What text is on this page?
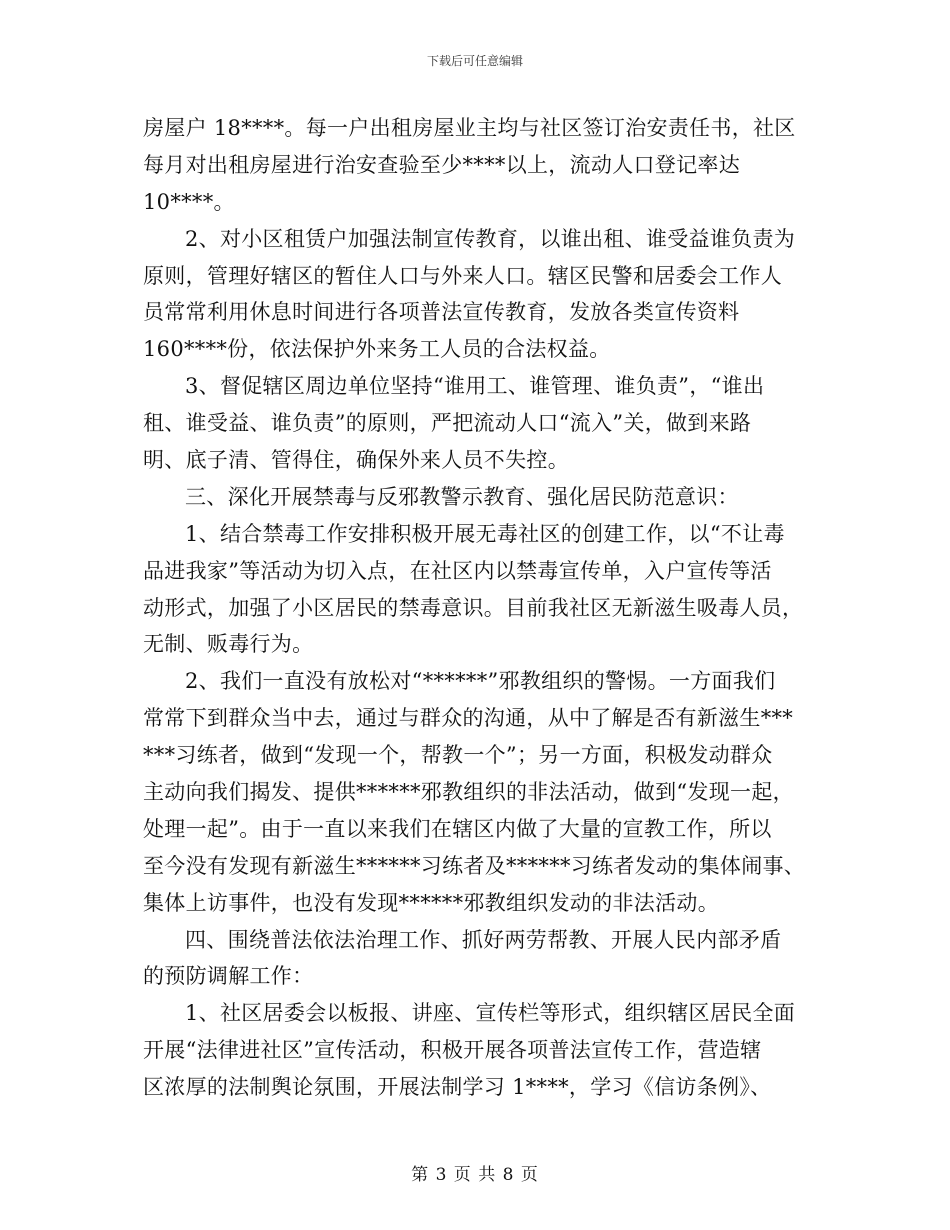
下载后可任意编辑
房屋户 18****。每一户出租房屋业主均与社区签订治安责任书，社区
每月对出租房屋进行治安查验至少****以上，流动人口登记率达
10****。
2、对小区租赁户加强法制宣传教育，以谁出租、谁受益谁负责为
原则，管理好辖区的暂住人口与外来人口。辖区民警和居委会工作人
员常常利用休息时间进行各项普法宣传教育，发放各类宣传资料
160****份，依法保护外来务工人员的合法权益。
3、督促辖区周边单位坚持“谁用工、谁管理、谁负责”，“谁出
租、谁受益、谁负责”的原则，严把流动人口“流入”关，做到来路
明、底子清、管得住，确保外来人员不失控。
三、深化开展禁毒与反邪教警示教育、强化居民防范意识：
1、结合禁毒工作安排积极开展无毒社区的创建工作，以“不让毒
品进我家”等活动为切入点，在社区内以禁毒宣传单，入户宣传等活
动形式，加强了小区居民的禁毒意识。目前我社区无新滋生吸毒人员，
无制、贩毒行为。
2、我们一直没有放松对“******”邪教组织的警惕。一方面我们
常常下到群众当中去，通过与群众的沟通，从中了解是否有新滋生***
***习练者，做到“发现一个，帮教一个”；另一方面，积极发动群众
主动向我们揭发、提供******邪教组织的非法活动，做到“发现一起，
处理一起”。由于一直以来我们在辖区内做了大量的宣教工作，所以
至今没有发现有新滋生******习练者及******习练者发动的集体闹事、
集体上访事件，也没有发现******邪教组织发动的非法活动。
四、围绕普法依法治理工作、抓好两劳帮教、开展人民内部矛盾
的预防调解工作：
1、社区居委会以板报、讲座、宣传栏等形式，组织辖区居民全面
开展“法律进社区”宣传活动，积极开展各项普法宣传工作，营造辖
区浓厚的法制舆论氛围，开展法制学习 1****，学习《信访条例》、
第 3 页 共 8 页
